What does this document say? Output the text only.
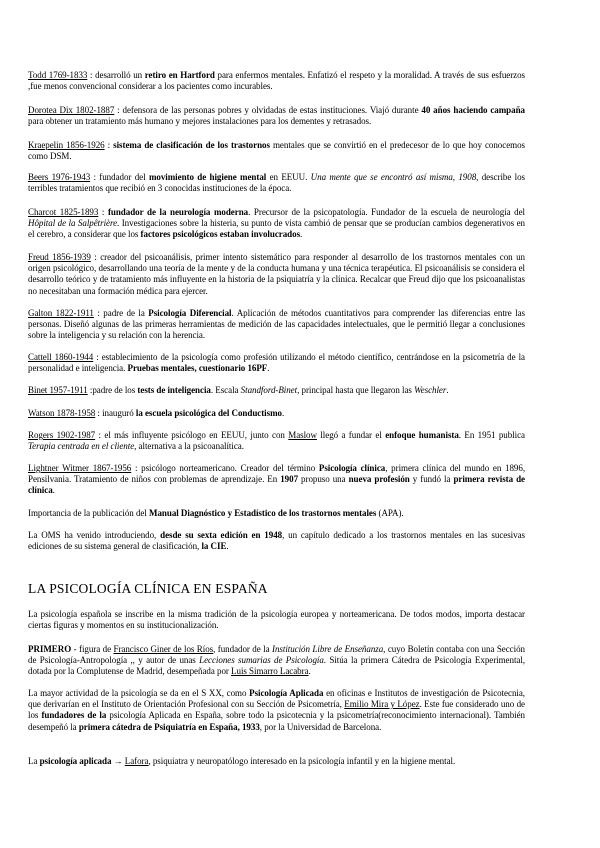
Todd 1769-1833 : desarrolló un retiro en Hartford para enfermos mentales. Enfatizó el respeto y la moralidad. A través de sus esfuerzos ,fue menos convencional considerar a los pacientes como incurables.

Dorotea Dix 1802-1887 : defensora de las personas pobres y olvidadas de estas instituciones. Viajó durante 40 años haciendo campaña para obtener un tratamiento más humano y mejores instalaciones para los dementes y retrasados.

Kraepelin 1856-1926 : sistema de clasificación de los trastornos mentales que se convirtió en el predecesor de lo que hoy conocemos como DSM.

Beers 1976-1943 : fundador del movimiento de higiene mental en EEUU. Una mente que se encontró así misma, 1908, describe los terribles tratamientos que recibió en 3 conocidas instituciones de la época.

Charcot 1825-1893 : fundador de la neurología moderna. Precursor de la psicopatología. Fundador de la escuela de neurología del Hôpital de la Salpêtrière. Investigaciones sobre la histeria, su punto de vista cambió de pensar que se producían cambios degenerativos en el cerebro, a considerar que los factores psicológicos estaban involucrados.

Freud 1856-1939 : creador del psicoanálisis, primer intento sistemático para responder al desarrollo de los trastornos mentales con un origen psicológico, desarrollando una teoría de la mente y de la conducta humana y una técnica terapéutica. El psicoanálisis se considera el desarrollo teórico y de tratamiento más influyente en la historia de la psiquiatría y la clínica. Recalcar que Freud dijo que los psicoanalistas no necesitaban una formación médica para ejercer.

Galton 1822-1911 : padre de la Psicología Diferencial. Aplicación de métodos cuantitativos para comprender las diferencias entre las personas. Diseñó algunas de las primeras herramientas de medición de las capacidades intelectuales, que le permitió llegar a conclusiones sobre la inteligencia y su relación con la herencia.

Cattell 1860-1944 : establecimiento de la psicología como profesión utilizando el método científico, centrándose en la psicometría de la personalidad e inteligencia. Pruebas mentales, cuestionario 16PF.

Binet 1957-1911 :padre de los tests de inteligencia. Escala Standford-Binet, principal hasta que llegaron las Weschler.

Watson 1878-1958 : inauguró la escuela psicológica del Conductismo.

Rogers 1902-1987 : el más influyente psicólogo en EEUU, junto con Maslow llegó a fundar el enfoque humanista. En 1951 publica Terapia centrada en el cliente, alternativa a la psicoanalítica.

Lightner Witmer 1867-1956 : psicólogo norteamericano. Creador del término Psicología clínica, primera clínica del mundo en 1896, Pensilvania. Tratamiento de niños con problemas de aprendizaje. En 1907 propuso una nueva profesión y fundó la primera revista de clínica.

Importancia de la publicación del Manual Diagnóstico y Estadístico de los trastornos mentales (APA).

La OMS ha venido introduciendo, desde su sexta edición en 1948, un capítulo dedicado a los trastornos mentales en las sucesivas ediciones de su sistema general de clasificación, la CIE.

La psicología española se inscribe en la misma tradición de la psicología europea y norteamericana. De todos modos, importa destacar ciertas figuras y momentos en su institucionalización.

PRIMERO - figura de Francisco Giner de los Ríos, fundador de la Institución Libre de Enseñanza, cuyo Boletín contaba con una Sección de Psicología-Antropología ,, y autor de unas Lecciones sumarias de Psicología. Sitúa la primera Cátedra de Psicología Experimental, dotada por la Complutense de Madrid, desempeñada por Luis Simarro Lacabra.

La mayor actividad de la psicología se da en el S XX, como Psicología Aplicada en oficinas e Institutos de investigación de Psicotecnia, que derivarían en el Instituto de Orientación Profesional con su Sección de Psicometría, Emilio Mira y López. Este fue considerado uno de los fundadores de la psicología Aplicada en España, sobre todo la psicotecnia y la psicometría(reconocimiento internacional). También desempeñó la primera cátedra de Psiquiatría en España, 1933, por la Universidad de Barcelona.

La psicología aplicada → Lafora, psiquiatra y neuropatólogo interesado en la psicología infantil y en la higiene mental.

LA PSICOLOGÍA CLÍNICA EN ESPAÑA
